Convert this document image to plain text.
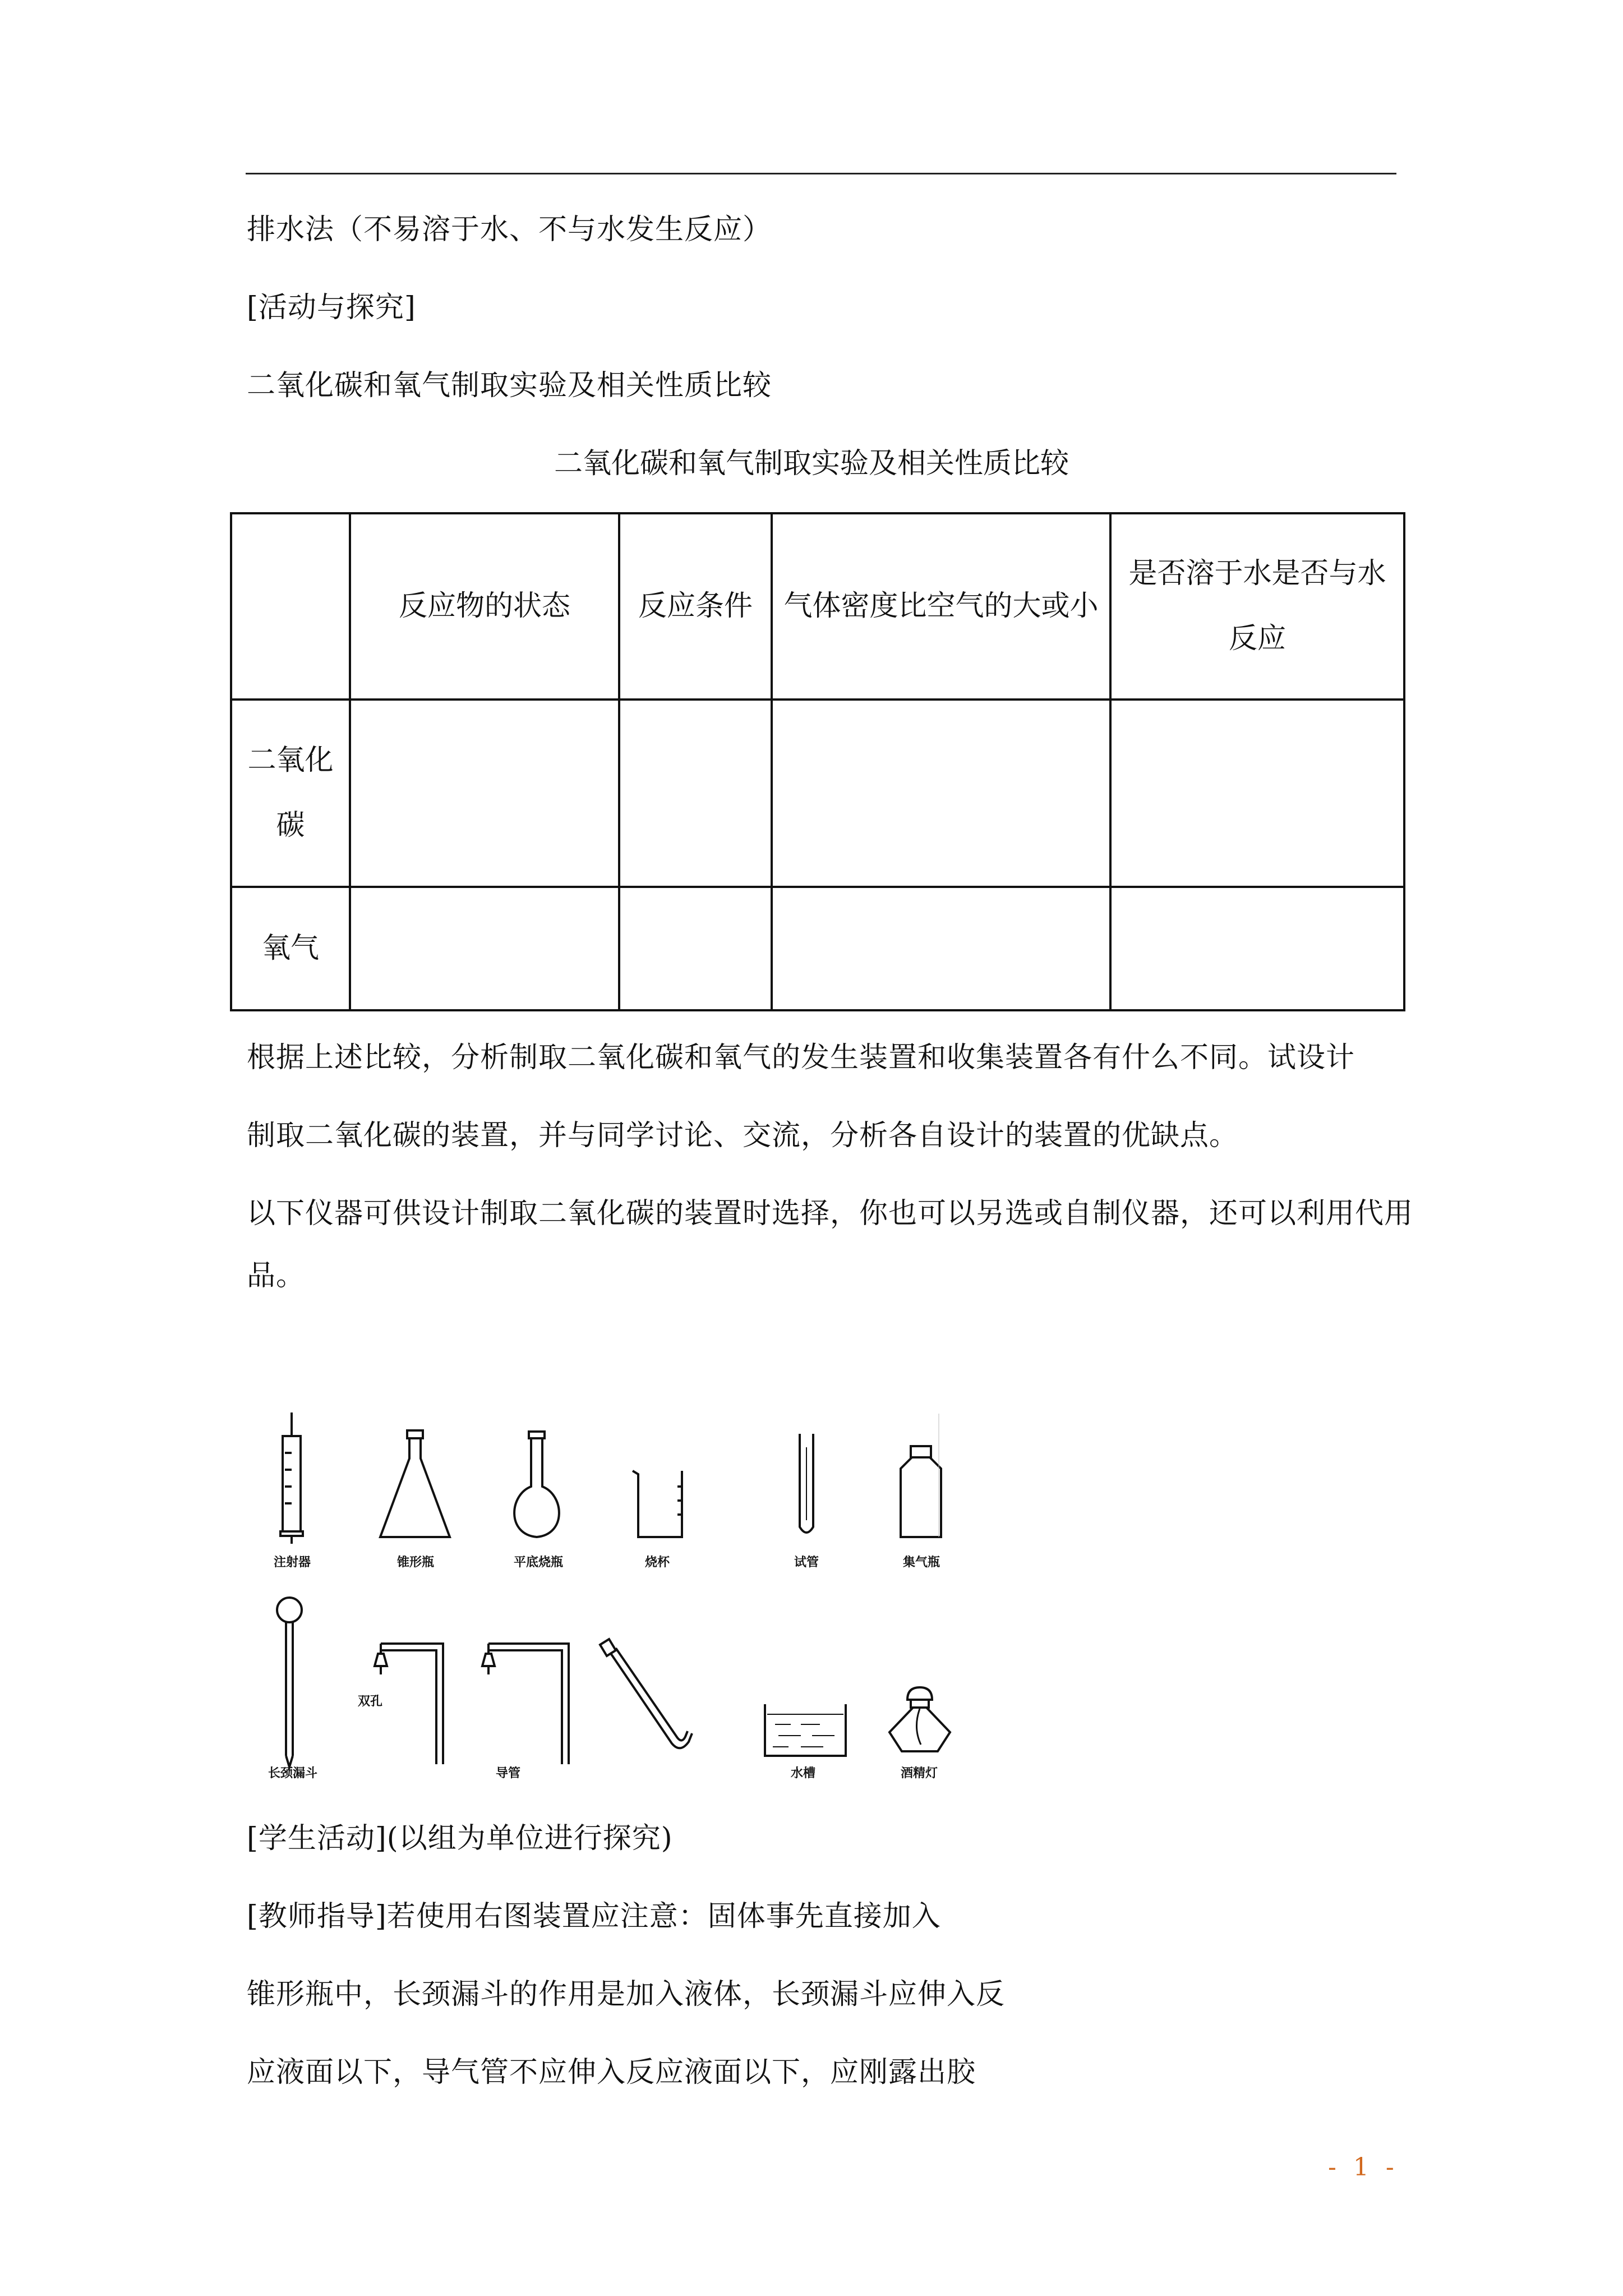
排水法（不易溶于水、不与水发生反应）
[活动与探究]
二氧化碳和氧气制取实验及相关性质比较
二氧化碳和氧气制取实验及相关性质比较
	反应物的状态	反应条件	气体密度比空气的大或小	是否溶于水是否与水反应
二氧化碳				
氧气				
根据上述比较，分析制取二氧化碳和氧气的发生装置和收集装置各有什么不同。试设计
制取二氧化碳的装置，并与同学讨论、交流，分析各自设计的装置的优缺点。
以下仪器可供设计制取二氧化碳的装置时选择，你也可以另选或自制仪器，还可以利用代用
品。
注射器	锥形瓶	平底烧瓶	烧杯	试管	集气瓶
长颈漏斗
双孔
导管	水槽	酒精灯
[学生活动](以组为单位进行探究)
[教师指导]若使用右图装置应注意：固体事先直接加入
锥形瓶中，长颈漏斗的作用是加入液体，长颈漏斗应伸入反
应液面以下，导气管不应伸入反应液面以下，应刚露出胶
- 1 -
